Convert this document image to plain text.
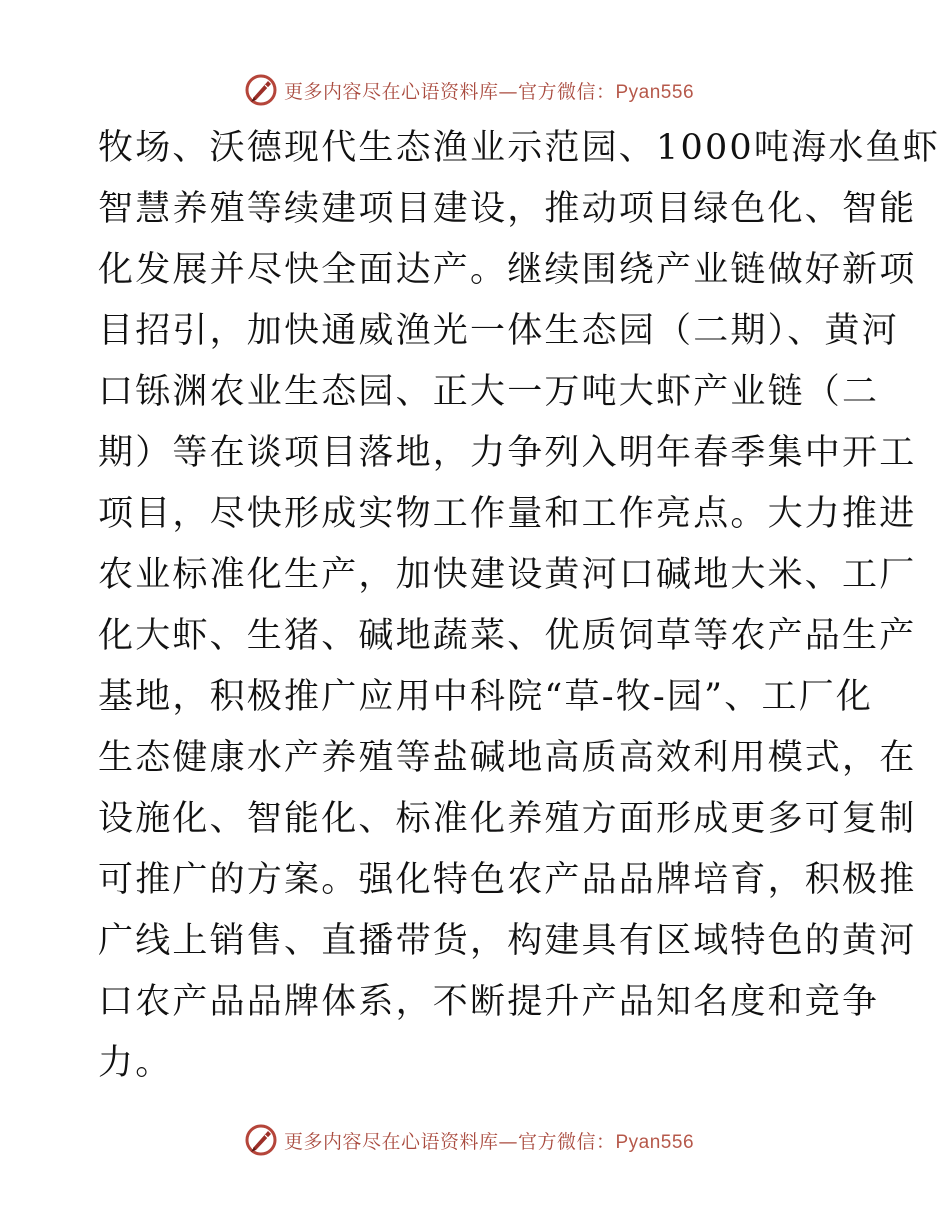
更多内容尽在心语资料库—官方微信：Pyan556
牧场、沃德现代生态渔业示范园、1000吨海水鱼虾
智慧养殖等续建项目建设，推动项目绿色化、智能
化发展并尽快全面达产。继续围绕产业链做好新项
目招引，加快通威渔光一体生态园（二期）、黄河
口铄渊农业生态园、正大一万吨大虾产业链（二
期）等在谈项目落地，力争列入明年春季集中开工
项目，尽快形成实物工作量和工作亮点。大力推进
农业标准化生产，加快建设黄河口碱地大米、工厂
化大虾、生猪、碱地蔬菜、优质饲草等农产品生产
基地，积极推广应用中科院“草-牧-园”、工厂化
生态健康水产养殖等盐碱地高质高效利用模式，在
设施化、智能化、标准化养殖方面形成更多可复制
可推广的方案。强化特色农产品品牌培育，积极推
广线上销售、直播带货，构建具有区域特色的黄河
口农产品品牌体系，不断提升产品知名度和竞争
力。
更多内容尽在心语资料库—官方微信：Pyan556
